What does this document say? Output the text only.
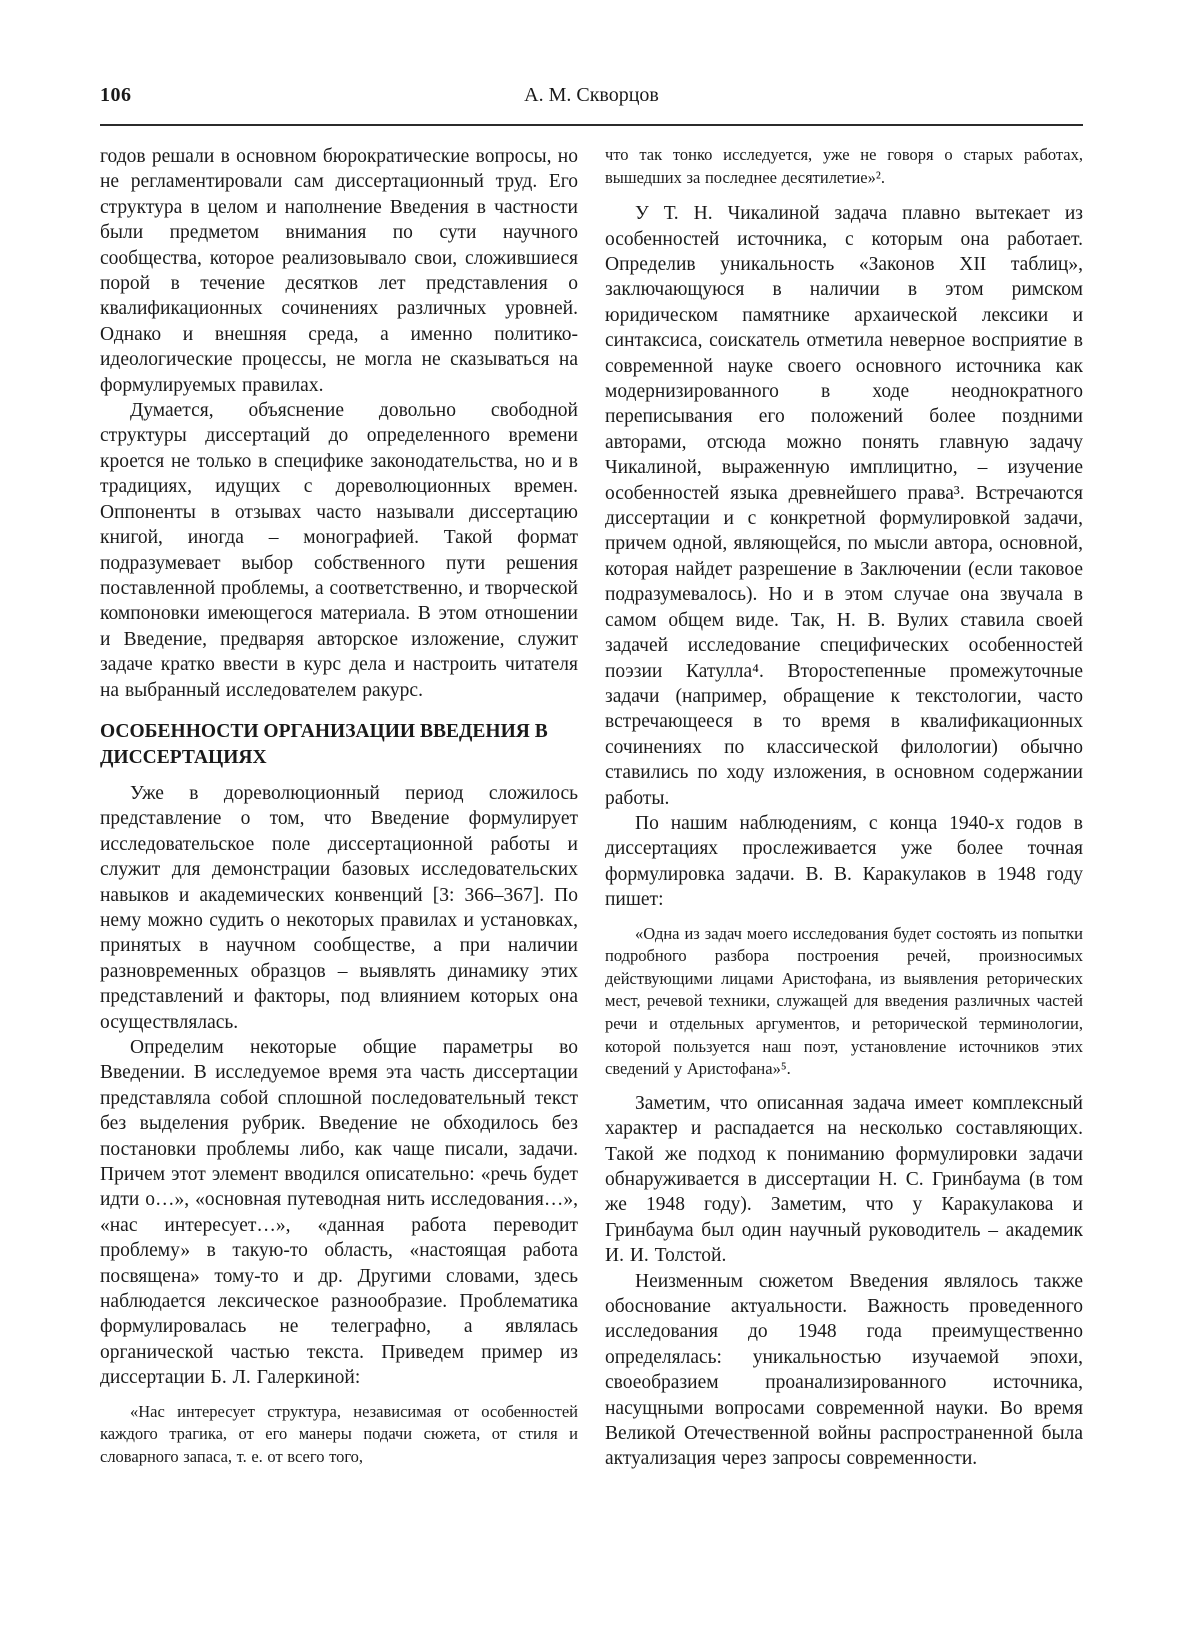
106	А. М. Скворцов

годов решали в основном бюрократические вопросы, но не регламентировали сам диссертационный труд. Его структура в целом и наполнение Введения в частности были предметом внимания по сути научного сообщества, которое реализовывало свои, сложившиеся порой в течение десятков лет представления о квалификационных сочинениях различных уровней. Однако и внешняя среда, а именно политико-идеологические процессы, не могла не сказываться на формулируемых правилах.

Думается, объяснение довольно свободной структуры диссертаций до определенного времени кроется не только в специфике законодательства, но и в традициях, идущих с дореволюционных времен. Оппоненты в отзывах часто называли диссертацию книгой, иногда – монографией. Такой формат подразумевает выбор собственного пути решения поставленной проблемы, а соответственно, и творческой компоновки имеющегося материала. В этом отношении и Введение, предваряя авторское изложение, служит задаче кратко ввести в курс дела и настроить читателя на выбранный исследователем ракурс.

ОСОБЕННОСТИ ОРГАНИЗАЦИИ ВВЕДЕНИЯ В ДИССЕРТАЦИЯХ

Уже в дореволюционный период сложилось представление о том, что Введение формулирует исследовательское поле диссертационной работы и служит для демонстрации базовых исследовательских навыков и академических конвенций [3: 366–367]. По нему можно судить о некоторых правилах и установках, принятых в научном сообществе, а при наличии разновременных образцов – выявлять динамику этих представлений и факторы, под влиянием которых она осуществлялась.

Определим некоторые общие параметры во Введении. В исследуемое время эта часть диссертации представляла собой сплошной последовательный текст без выделения рубрик. Введение не обходилось без постановки проблемы либо, как чаще писали, задачи. Причем этот элемент вводился описательно: «речь будет идти о…», «основная путеводная нить исследования…», «нас интересует…», «данная работа переводит проблему» в такую-то область, «настоящая работа посвящена» тому-то и др. Другими словами, здесь наблюдается лексическое разнообразие. Проблематика формулировалась не телеграфно, а являлась органической частью текста. Приведем пример из диссертации Б. Л. Галеркиной:

«Нас интересует структура, независимая от особенностей каждого трагика, от его манеры подачи сюжета, от стиля и словарного запаса, т. е. от всего того,

что так тонко исследуется, уже не говоря о старых работах, вышедших за последнее десятилетие»².

У Т. Н. Чикалиной задача плавно вытекает из особенностей источника, с которым она работает. Определив уникальность «Законов XII таблиц», заключающуюся в наличии в этом римском юридическом памятнике архаической лексики и синтаксиса, соискатель отметила неверное восприятие в современной науке своего основного источника как модернизированного в ходе неоднократного переписывания его положений более поздними авторами, отсюда можно понять главную задачу Чикалиной, выраженную имплицитно, – изучение особенностей языка древнейшего права³. Встречаются диссертации и с конкретной формулировкой задачи, причем одной, являющейся, по мысли автора, основной, которая найдет разрешение в Заключении (если таковое подразумевалось). Но и в этом случае она звучала в самом общем виде. Так, Н. В. Вулих ставила своей задачей исследование специфических особенностей поэзии Катулла⁴. Второстепенные промежуточные задачи (например, обращение к текстологии, часто встречающееся в то время в квалификационных сочинениях по классической филологии) обычно ставились по ходу изложения, в основном содержании работы.

По нашим наблюдениям, с конца 1940-х годов в диссертациях прослеживается уже более точная формулировка задачи. В. В. Каракулаков в 1948 году пишет:

«Одна из задач моего исследования будет состоять из попытки подробного разбора построения речей, произносимых действующими лицами Аристофана, из выявления реторических мест, речевой техники, служащей для введения различных частей речи и отдельных аргументов, и реторической терминологии, которой пользуется наш поэт, установление источников этих сведений у Аристофана»⁵.

Заметим, что описанная задача имеет комплексный характер и распадается на несколько составляющих. Такой же подход к пониманию формулировки задачи обнаруживается в диссертации Н. С. Гринбаума (в том же 1948 году). Заметим, что у Каракулакова и Гринбаума был один научный руководитель – академик И. И. Толстой.

Неизменным сюжетом Введения являлось также обоснование актуальности. Важность проведенного исследования до 1948 года преимущественно определялась: уникальностью изучаемой эпохи, своеобразием проанализированного источника, насущными вопросами современной науки. Во время Великой Отечественной войны распространенной была актуализация через запросы современности.
